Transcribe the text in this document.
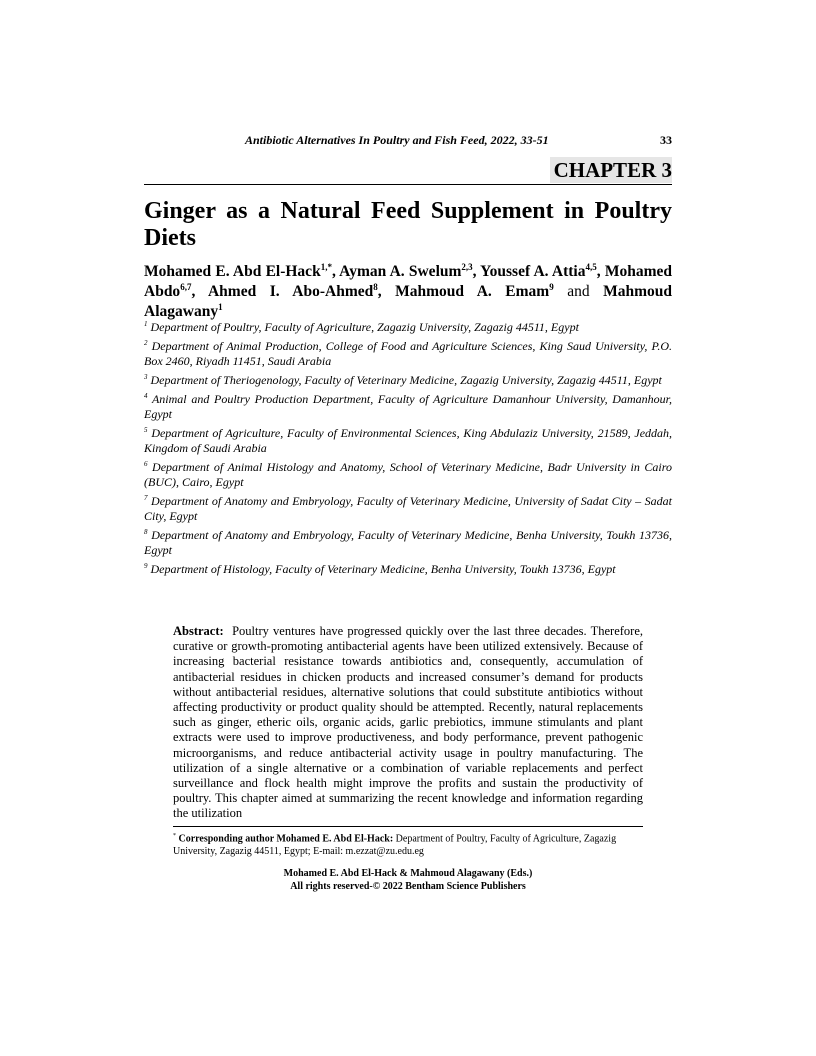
Antibiotic Alternatives In Poultry and Fish Feed, 2022, 33-51	33
CHAPTER 3
Ginger as a Natural Feed Supplement in Poultry Diets

Mohamed E. Abd El-Hack$^{1,*}$, Ayman A. Swelum$^{2,3}$, Youssef A. Attia$^{4,5}$, Mohamed Abdo$^{6,7}$, Ahmed I. Abo-Ahmed$^8$, Mahmoud A. Emam$^9$ and Mahmoud Alagawany$^1$

$^1$ Department of Poultry, Faculty of Agriculture, Zagazig University, Zagazig 44511, Egypt
$^2$ Department of Animal Production, College of Food and Agriculture Sciences, King Saud University, P.O. Box 2460, Riyadh 11451, Saudi Arabia
$^3$ Department of Theriogenology, Faculty of Veterinary Medicine, Zagazig University, Zagazig 44511, Egypt
$^4$ Animal and Poultry Production Department, Faculty of Agriculture Damanhour University, Damanhour, Egypt
$^5$ Department of Agriculture, Faculty of Environmental Sciences, King Abdulaziz University, 21589, Jeddah, Kingdom of Saudi Arabia
$^6$ Department of Animal Histology and Anatomy, School of Veterinary Medicine, Badr University in Cairo (BUC), Cairo, Egypt
$^7$ Department of Anatomy and Embryology, Faculty of Veterinary Medicine, University of Sadat City – Sadat City, Egypt
$^8$ Department of Anatomy and Embryology, Faculty of Veterinary Medicine, Benha University, Toukh 13736, Egypt
$^9$ Department of Histology, Faculty of Veterinary Medicine, Benha University, Toukh 13736, Egypt

Abstract: Poultry ventures have progressed quickly over the last three decades. Therefore, curative or growth-promoting antibacterial agents have been utilized extensively. Because of increasing bacterial resistance towards antibiotics and, consequently, accumulation of antibacterial residues in chicken products and increased consumer’s demand for products without antibacterial residues, alternative solutions that could substitute antibiotics without affecting productivity or product quality should be attempted. Recently, natural replacements such as ginger, etheric oils, organic acids, garlic prebiotics, immune stimulants and plant extracts were used to improve productiveness, and body performance, prevent pathogenic microorganisms, and reduce antibacterial activity usage in poultry manufacturing. The utilization of a single alternative or a combination of variable replacements and perfect surveillance and flock health might improve the profits and sustain the productivity of poultry. This chapter aimed at summarizing the recent knowledge and information regarding the utilization

* Corresponding author Mohamed E. Abd El-Hack: Department of Poultry, Faculty of Agriculture, Zagazig University, Zagazig 44511, Egypt; E-mail: m.ezzat@zu.edu.eg

Mohamed E. Abd El-Hack & Mahmoud Alagawany (Eds.)
All rights reserved-© 2022 Bentham Science Publishers
